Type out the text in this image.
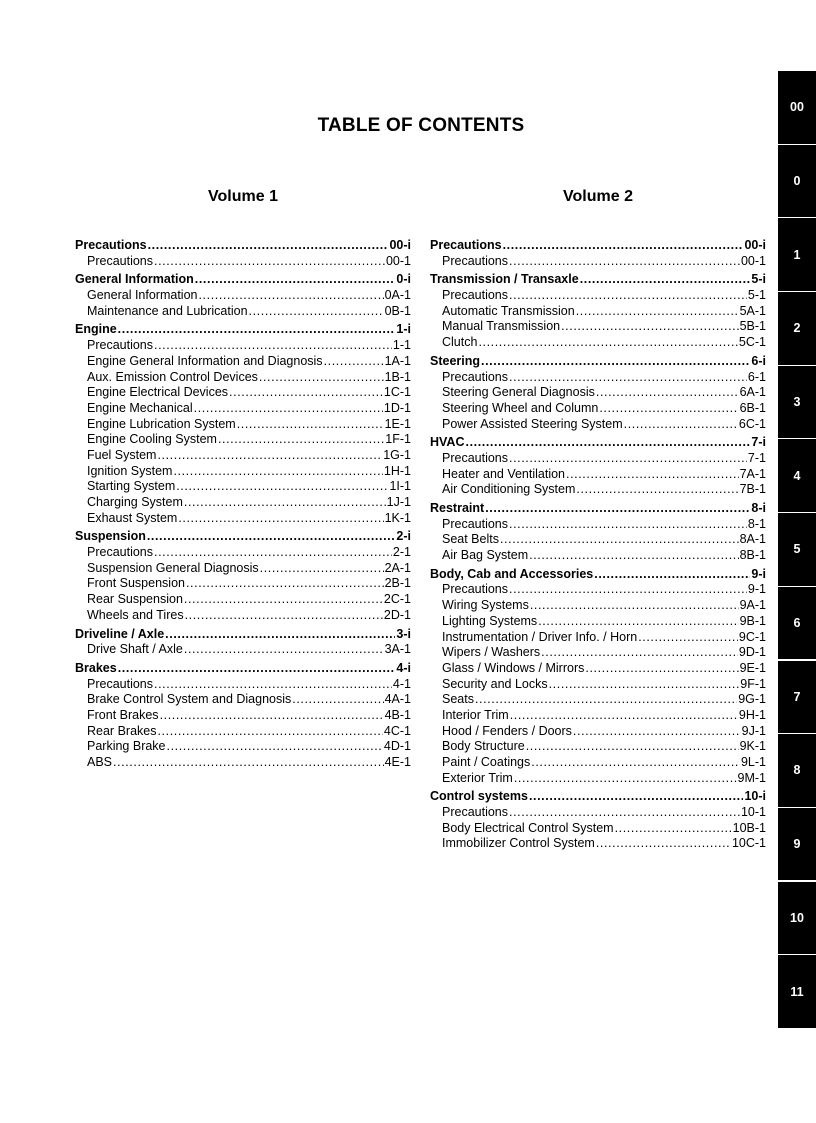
TABLE OF CONTENTS
Volume 1	Volume 2
Precautions .....	00-i
Precautions .....	00-1
General Information .....	0-i
General Information .....	0A-1
Maintenance and Lubrication .....	0B-1
Engine .....	1-i
Precautions .....	1-1
Engine General Information and Diagnosis .....	1A-1
Aux. Emission Control Devices .....	1B-1
Engine Electrical Devices .....	1C-1
Engine Mechanical .....	1D-1
Engine Lubrication System .....	1E-1
Engine Cooling System .....	1F-1
Fuel System .....	1G-1
Ignition System .....	1H-1
Starting System .....	1I-1
Charging System .....	1J-1
Exhaust System .....	1K-1
Suspension .....	2-i
Precautions .....	2-1
Suspension General Diagnosis .....	2A-1
Front Suspension .....	2B-1
Rear Suspension .....	2C-1
Wheels and Tires .....	2D-1
Driveline / Axle .....	3-i
Drive Shaft / Axle .....	3A-1
Brakes .....	4-i
Precautions .....	4-1
Brake Control System and Diagnosis .....	4A-1
Front Brakes .....	4B-1
Rear Brakes .....	4C-1
Parking Brake .....	4D-1
ABS .....	4E-1
Precautions .....	00-i
Precautions .....	00-1
Transmission / Transaxle .....	5-i
Precautions .....	5-1
Automatic Transmission .....	5A-1
Manual Transmission .....	5B-1
Clutch .....	5C-1
Steering .....	6-i
Precautions .....	6-1
Steering General Diagnosis .....	6A-1
Steering Wheel and Column .....	6B-1
Power Assisted Steering System .....	6C-1
HVAC .....	7-i
Precautions .....	7-1
Heater and Ventilation .....	7A-1
Air Conditioning System .....	7B-1
Restraint .....	8-i
Precautions .....	8-1
Seat Belts .....	8A-1
Air Bag System .....	8B-1
Body, Cab and Accessories .....	9-i
Precautions .....	9-1
Wiring Systems .....	9A-1
Lighting Systems .....	9B-1
Instrumentation / Driver Info. / Horn .....	9C-1
Wipers / Washers .....	9D-1
Glass / Windows / Mirrors .....	9E-1
Security and Locks .....	9F-1
Seats .....	9G-1
Interior Trim .....	9H-1
Hood / Fenders / Doors .....	9J-1
Body Structure .....	9K-1
Paint / Coatings .....	9L-1
Exterior Trim .....	9M-1
Control systems .....	10-i
Precautions .....	10-1
Body Electrical Control System .....	10B-1
Immobilizer Control System .....	10C-1
00
0
1
2
3
4
5
6
7
8
9
10
11
